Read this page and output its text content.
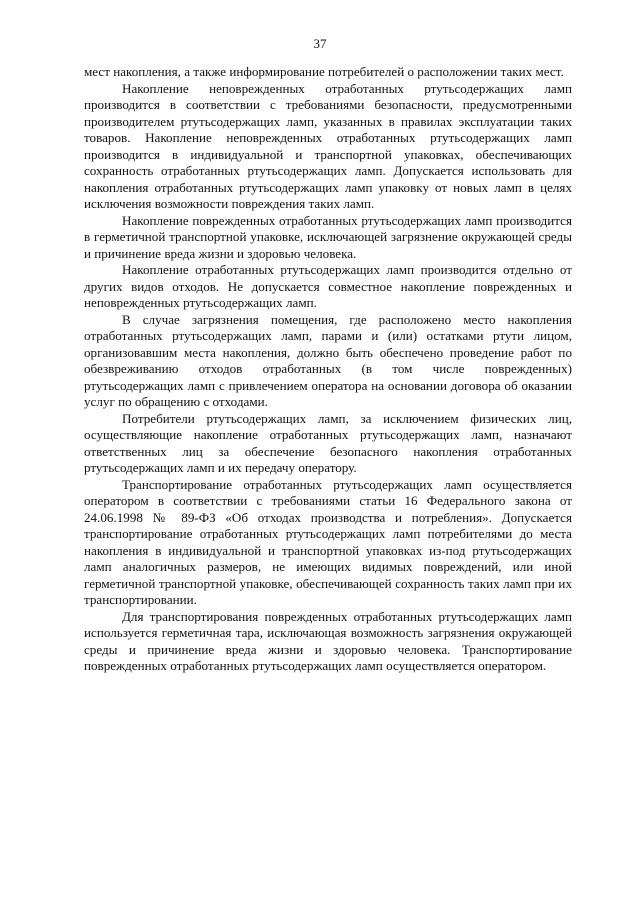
37

мест накопления, а также информирование потребителей о расположении таких мест.

Накопление неповрежденных отработанных ртутьсодержащих ламп производится в соответствии с требованиями безопасности, предусмотренными производителем ртутьсодержащих ламп, указанных в правилах эксплуатации таких товаров. Накопление неповрежденных отработанных ртутьсодержащих ламп производится в индивидуальной и транспортной упаковках, обеспечивающих сохранность отработанных ртутьсодержащих ламп. Допускается использовать для накопления отработанных ртутьсодержащих ламп упаковку от новых ламп в целях исключения возможности повреждения таких ламп.

Накопление поврежденных отработанных ртутьсодержащих ламп производится в герметичной транспортной упаковке, исключающей загрязнение окружающей среды и причинение вреда жизни и здоровью человека.

Накопление отработанных ртутьсодержащих ламп производится отдельно от других видов отходов. Не допускается совместное накопление поврежденных и неповрежденных ртутьсодержащих ламп.

В случае загрязнения помещения, где расположено место накопления отработанных ртутьсодержащих ламп, парами и (или) остатками ртути лицом, организовавшим места накопления, должно быть обеспечено проведение работ по обезвреживанию отходов отработанных (в том числе поврежденных) ртутьсодержащих ламп с привлечением оператора на основании договора об оказании услуг по обращению с отходами.

Потребители ртутьсодержащих ламп, за исключением физических лиц, осуществляющие накопление отработанных ртутьсодержащих ламп, назначают ответственных лиц за обеспечение безопасного накопления отработанных ртутьсодержащих ламп и их передачу оператору.

Транспортирование отработанных ртутьсодержащих ламп осуществляется оператором в соответствии с требованиями статьи 16 Федерального закона от 24.06.1998 № 89-ФЗ «Об отходах производства и потребления». Допускается транспортирование отработанных ртутьсодержащих ламп потребителями до места накопления в индивидуальной и транспортной упаковках из-под ртутьсодержащих ламп аналогичных размеров, не имеющих видимых повреждений, или иной герметичной транспортной упаковке, обеспечивающей сохранность таких ламп при их транспортировании.

Для транспортирования поврежденных отработанных ртутьсодержащих ламп используется герметичная тара, исключающая возможность загрязнения окружающей среды и причинение вреда жизни и здоровью человека. Транспортирование поврежденных отработанных ртутьсодержащих ламп осуществляется оператором.
